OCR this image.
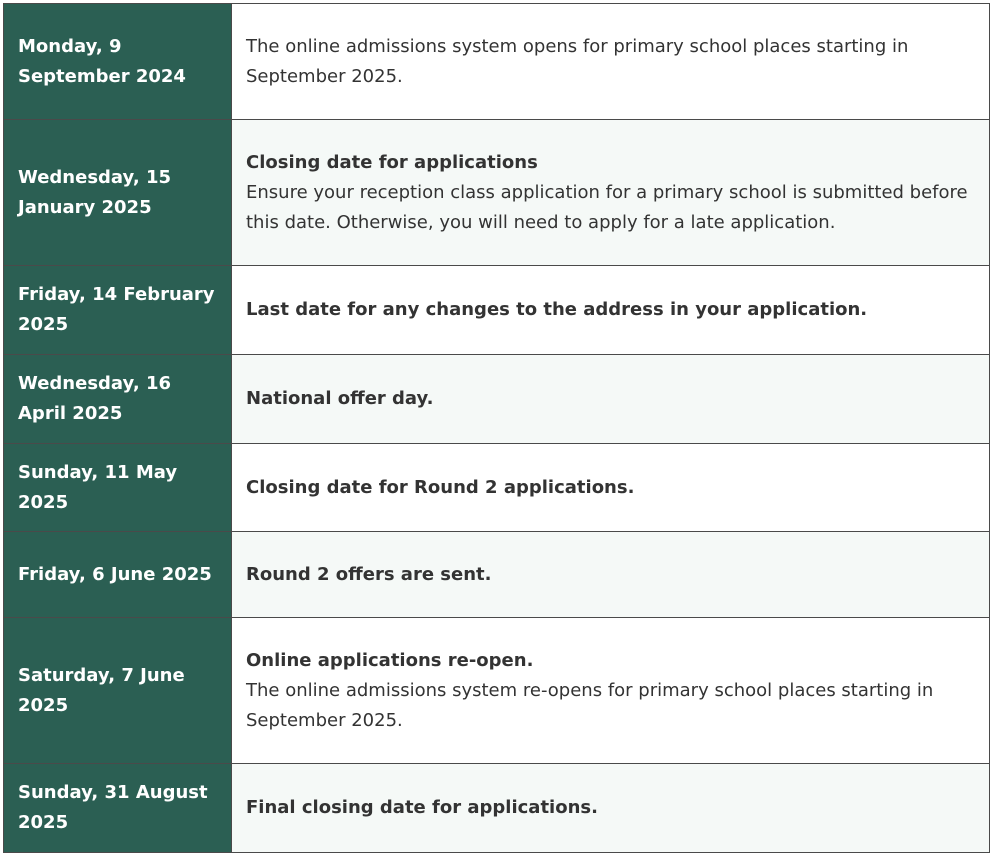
Monday, 9 September 2024	The online admissions system opens for primary school places starting in September 2025.

Wednesday, 15 January 2025	Closing date for applications
Ensure your reception class application for a primary school is submitted before this date. Otherwise, you will need to apply for a late application.

Friday, 14 February 2025	Last date for any changes to the address in your application.

Wednesday, 16 April 2025	National offer day.

Sunday, 11 May 2025	Closing date for Round 2 applications.

Friday, 6 June 2025	Round 2 offers are sent.

Saturday, 7 June 2025	Online applications re-open.
The online admissions system re-opens for primary school places starting in September 2025.

Sunday, 31 August 2025	Final closing date for applications.
